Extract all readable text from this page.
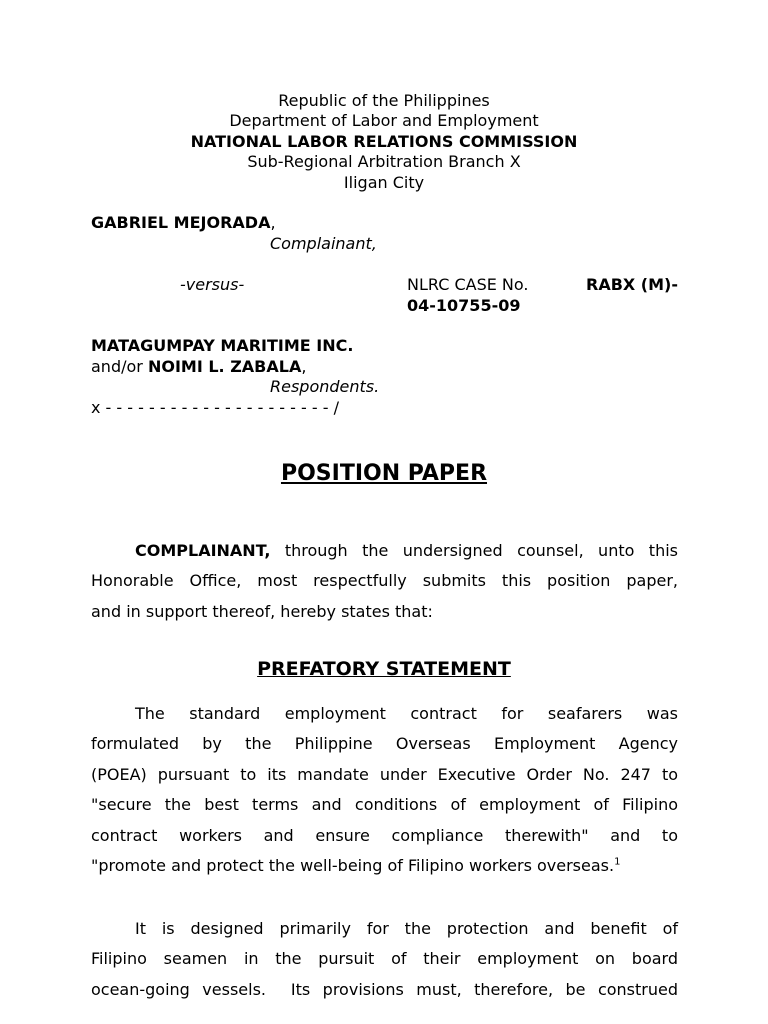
Republic of the Philippines
Department of Labor and Employment
NATIONAL LABOR RELATIONS COMMISSION
Sub-Regional Arbitration Branch X
Iligan City
GABRIEL MEJORADA,
Complainant,
-versus-	NLRC CASE No.	RABX (M)-
04-10755-09
MATAGUMPAY MARITIME INC.
and/or NOIMI L. ZABALA,
Respondents.
x - - - - - - - - - - - - - - - - - - - - - /
POSITION PAPER
COMPLAINANT, through the undersigned counsel, unto this
Honorable Office, most respectfully submits this position paper,
and in support thereof, hereby states that:
PREFATORY STATEMENT
The standard employment contract for seafarers was
formulated by the Philippine Overseas Employment Agency
(POEA) pursuant to its mandate under Executive Order No. 247 to
"secure the best terms and conditions of employment of Filipino
contract workers and ensure compliance therewith" and to
"promote and protect the well-being of Filipino workers overseas.$^1$
It is designed primarily for the protection and benefit of
Filipino seamen in the pursuit of their employment on board
ocean-going vessels.  Its provisions must, therefore, be construed
